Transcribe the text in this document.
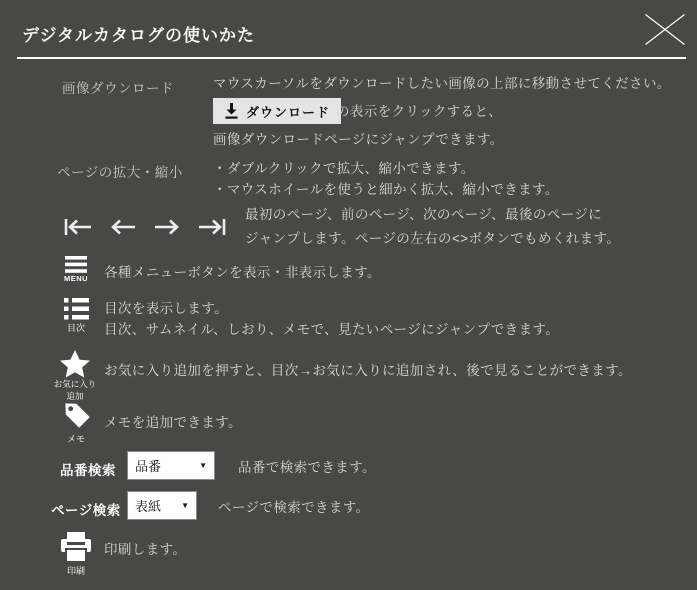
デジタルカタログの使いかた
画像ダウンロード	マウスカーソルをダウンロードしたい画像の上部に移動させてください。
ダウンロード の表示をクリックすると、
画像ダウンロードページにジャンプできます。
ページの拡大・縮小 ・ダブルクリックで拡大、縮小できます。
・マウスホイールを使うと細かく拡大、縮小できます。
最初のページ、前のページ、次のページ、最後のページに
ジャンプします。ページの左右の<>ボタンでもめくれます。
MENU 各種メニューボタンを表示・非表示します。
目次
目次を表示します。
目次、サムネイル、しおり、メモで、見たいページにジャンプできます。
お気に入り
追加
お気に入り追加を押すと、目次→お気に入りに追加され、後で見ることができます。
メモ
メモを追加できます。
品番検索 品番	▼ 品番で検索できます。
ページ検索 表紙	▼ ページで検索できます。
印刷
印刷します。
